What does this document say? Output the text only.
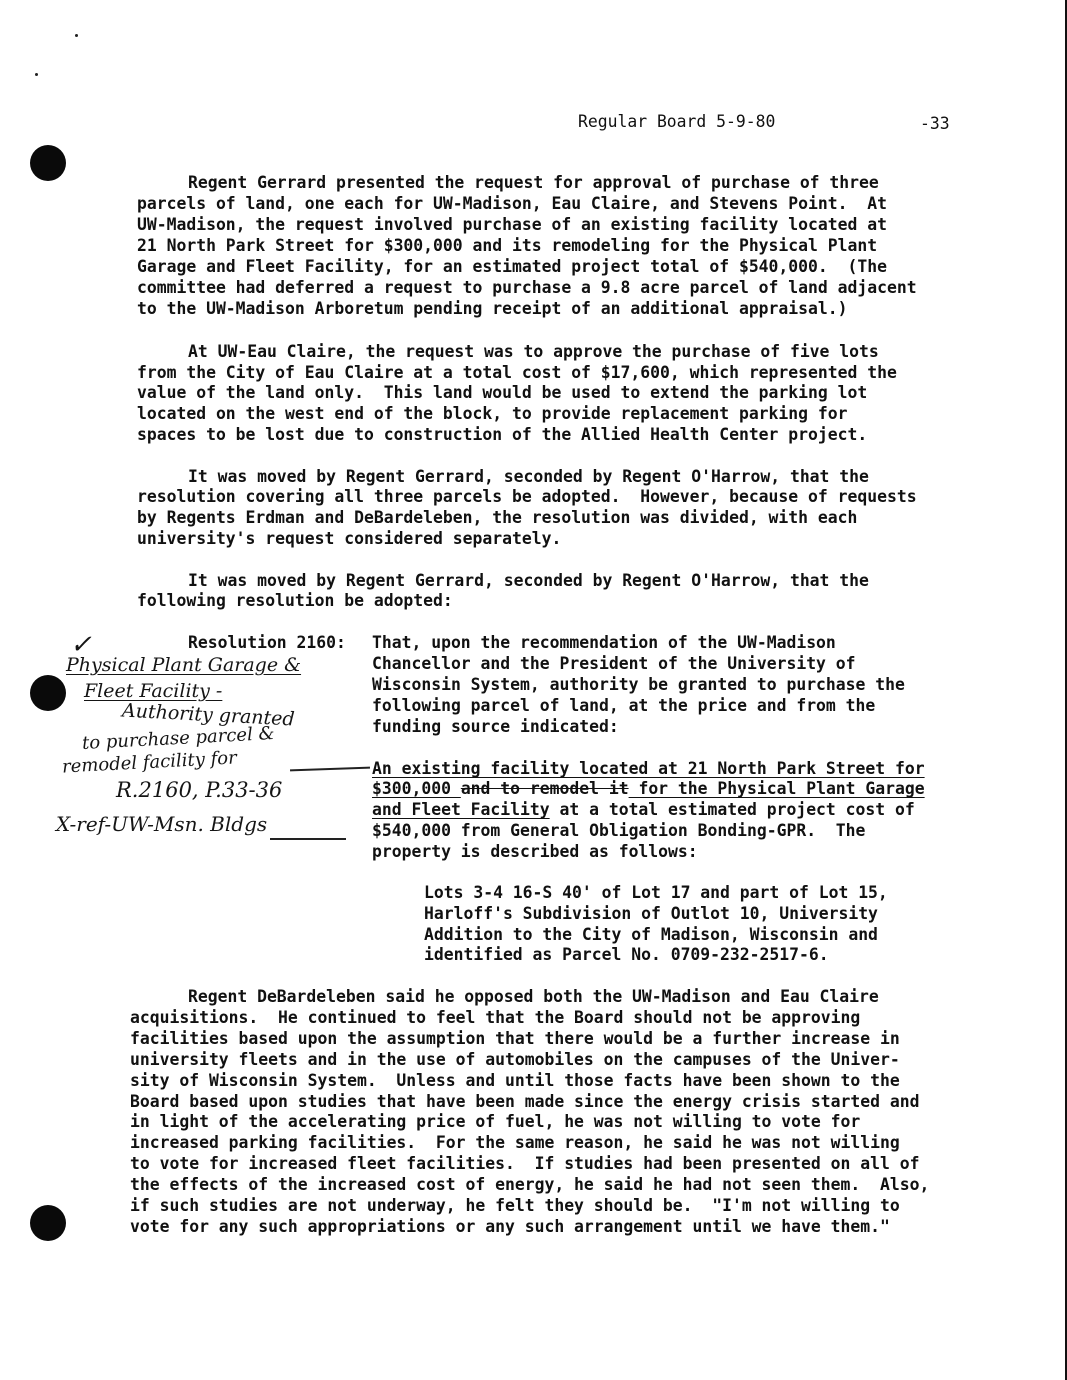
Regular Board 5-9-80	-33
Regent Gerrard presented the request for approval of purchase of three
parcels of land, one each for UW-Madison, Eau Claire, and Stevens Point.  At
UW-Madison, the request involved purchase of an existing facility located at
21 North Park Street for $300,000 and its remodeling for the Physical Plant
Garage and Fleet Facility, for an estimated project total of $540,000.  (The
committee had deferred a request to purchase a 9.8 acre parcel of land adjacent
to the UW-Madison Arboretum pending receipt of an additional appraisal.)
At UW-Eau Claire, the request was to approve the purchase of five lots
from the City of Eau Claire at a total cost of $17,600, which represented the
value of the land only.  This land would be used to extend the parking lot
located on the west end of the block, to provide replacement parking for
spaces to be lost due to construction of the Allied Health Center project.
It was moved by Regent Gerrard, seconded by Regent O'Harrow, that the
resolution covering all three parcels be adopted.  However, because of requests
by Regents Erdman and DeBardeleben, the resolution was divided, with each
university's request considered separately.
It was moved by Regent Gerrard, seconded by Regent O'Harrow, that the
following resolution be adopted:
Resolution 2160: That, upon the recommendation of the UW-Madison
Chancellor and the President of the University of
Wisconsin System, authority be granted to purchase the
following parcel of land, at the price and from the
funding source indicated:
An existing facility located at 21 North Park Street for
$300,000 and to remodel it for the Physical Plant Garage
and Fleet Facility at a total estimated project cost of
$540,000 from General Obligation Bonding-GPR.  The
property is described as follows:
Lots 3-4 16-S 40' of Lot 17 and part of Lot 15,
Harloff's Subdivision of Outlot 10, University
Addition to the City of Madison, Wisconsin and
identified as Parcel No. 0709-232-2517-6.
Regent DeBardeleben said he opposed both the UW-Madison and Eau Claire
acquisitions.  He continued to feel that the Board should not be approving
facilities based upon the assumption that there would be a further increase in
university fleets and in the use of automobiles on the campuses of the Univer-
sity of Wisconsin System.  Unless and until those facts have been shown to the
Board based upon studies that have been made since the energy crisis started and
in light of the accelerating price of fuel, he was not willing to vote for
increased parking facilities.  For the same reason, he said he was not willing
to vote for increased fleet facilities.  If studies had been presented on all of
the effects of the increased cost of energy, he said he had not seen them.  Also,
if such studies are not underway, he felt they should be.  "I'm not willing to
vote for any such appropriations or any such arrangement until we have them."
✓
Physical Plant Garage &
Fleet Facility -
Authority granted
to purchase parcel &
remodel facility for
R.2160, P.33-36
X-ref-UW-Msn. Bldgs
